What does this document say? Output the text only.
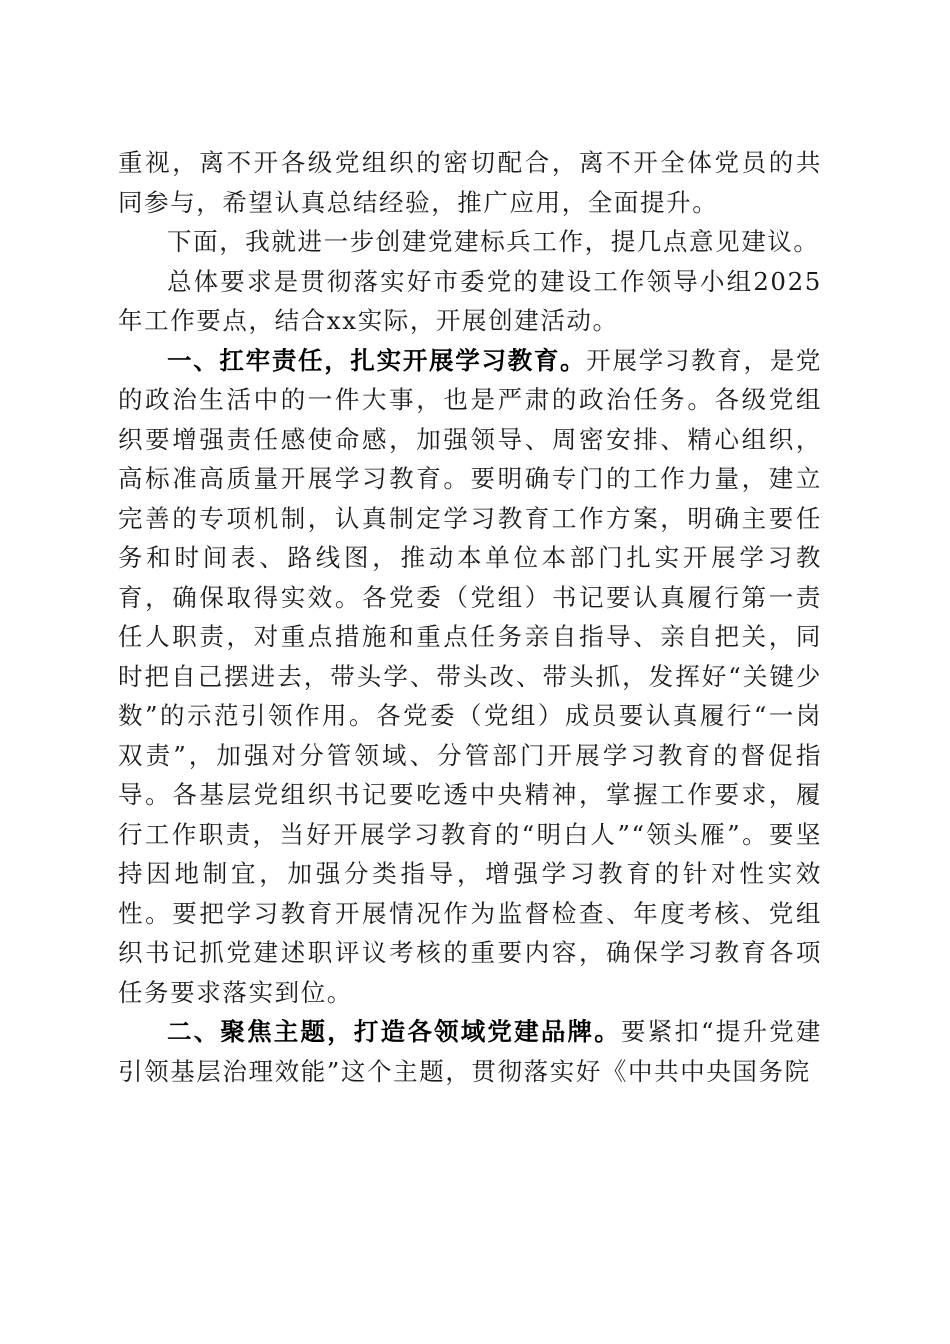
重视，离不开各级党组织的密切配合，离不开全体党员的共同参与，希望认真总结经验，推广应用，全面提升。

下面，我就进一步创建党建标兵工作，提几点意见建议。

总体要求是贯彻落实好市委党的建设工作领导小组2025年工作要点，结合xx实际，开展创建活动。

一、扛牢责任，扎实开展学习教育。开展学习教育，是党的政治生活中的一件大事，也是严肃的政治任务。各级党组织要增强责任感使命感，加强领导、周密安排、精心组织，高标准高质量开展学习教育。要明确专门的工作力量，建立完善的专项机制，认真制定学习教育工作方案，明确主要任务和时间表、路线图，推动本单位本部门扎实开展学习教育，确保取得实效。各党委（党组）书记要认真履行第一责任人职责，对重点措施和重点任务亲自指导、亲自把关，同时把自己摆进去，带头学、带头改、带头抓，发挥好“关键少数”的示范引领作用。各党委（党组）成员要认真履行“一岗双责”，加强对分管领域、分管部门开展学习教育的督促指导。各基层党组织书记要吃透中央精神，掌握工作要求，履行工作职责，当好开展学习教育的“明白人”“领头雁”。要坚持因地制宜，加强分类指导，增强学习教育的针对性实效性。要把学习教育开展情况作为监督检查、年度考核、党组织书记抓党建述职评议考核的重要内容，确保学习教育各项任务要求落实到位。

二、聚焦主题，打造各领域党建品牌。要紧扣“提升党建引领基层治理效能”这个主题，贯彻落实好《中共中央国务院
